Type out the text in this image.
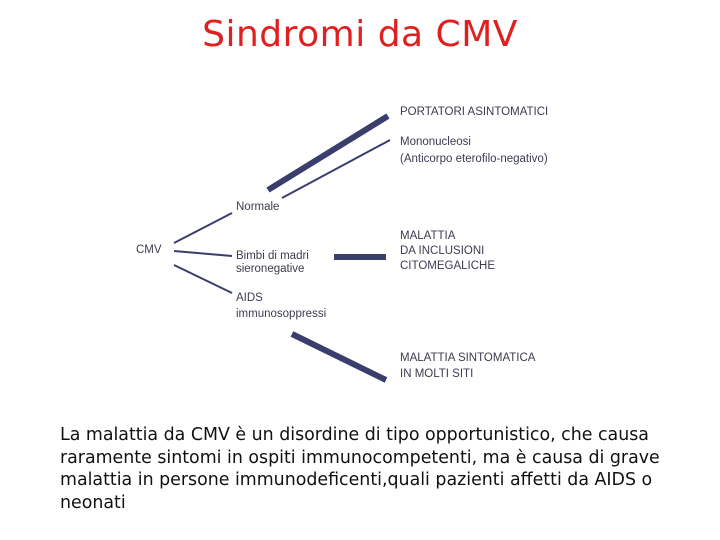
Sindromi da CMV
CMV
Normale
Bimbi di madri
sieronegative
AIDS
immunosoppressi
PORTATORI ASINTOMATICI
Mononucleosi
(Anticorpo eterofilo-negativo)
MALATTIA
DA INCLUSIONI
CITOMEGALICHE
MALATTIA SINTOMATICA
IN MOLTI SITI
La malattia da CMV è un disordine di tipo opportunistico, che causa raramente sintomi in ospiti immunocompetenti, ma è causa di grave malattia in persone immunodeficenti,quali pazienti affetti da AIDS o neonati
